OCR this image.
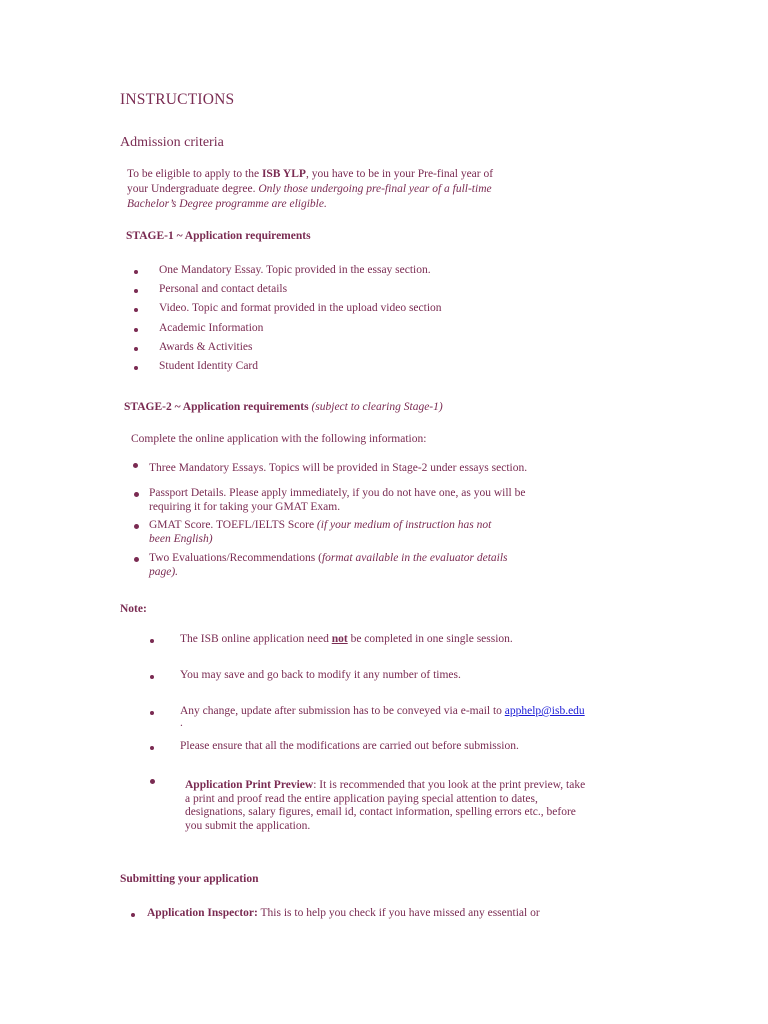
INSTRUCTIONS
Admission criteria
To be eligible to apply to the ISB YLP, you have to be in your Pre-final year of
your Undergraduate degree. Only those undergoing pre-final year of a full-time
Bachelor’s Degree programme are eligible.
STAGE-1 ~ Application requirements
One Mandatory Essay. Topic provided in the essay section.
Personal and contact details
Video. Topic and format provided in the upload video section
Academic Information
Awards & Activities
Student Identity Card
STAGE-2 ~ Application requirements (subject to clearing Stage-1)
Complete the online application with the following information:
Three Mandatory Essays. Topics will be provided in Stage-2 under essays section.
Passport Details. Please apply immediately, if you do not have one, as you will be
requiring it for taking your GMAT Exam.
GMAT Score. TOEFL/IELTS Score (if your medium of instruction has not
been English)
Two Evaluations/Recommendations (format available in the evaluator details
page).
Note:
The ISB online application need not be completed in one single session.
You may save and go back to modify it any number of times.
Any change, update after submission has to be conveyed via e-mail to apphelp@isb.edu
.
Please ensure that all the modifications are carried out before submission.
Application Print Preview: It is recommended that you look at the print preview, take
a print and proof read the entire application paying special attention to dates,
designations, salary figures, email id, contact information, spelling errors etc., before
you submit the application.
Submitting your application
Application Inspector: This is to help you check if you have missed any essential or
